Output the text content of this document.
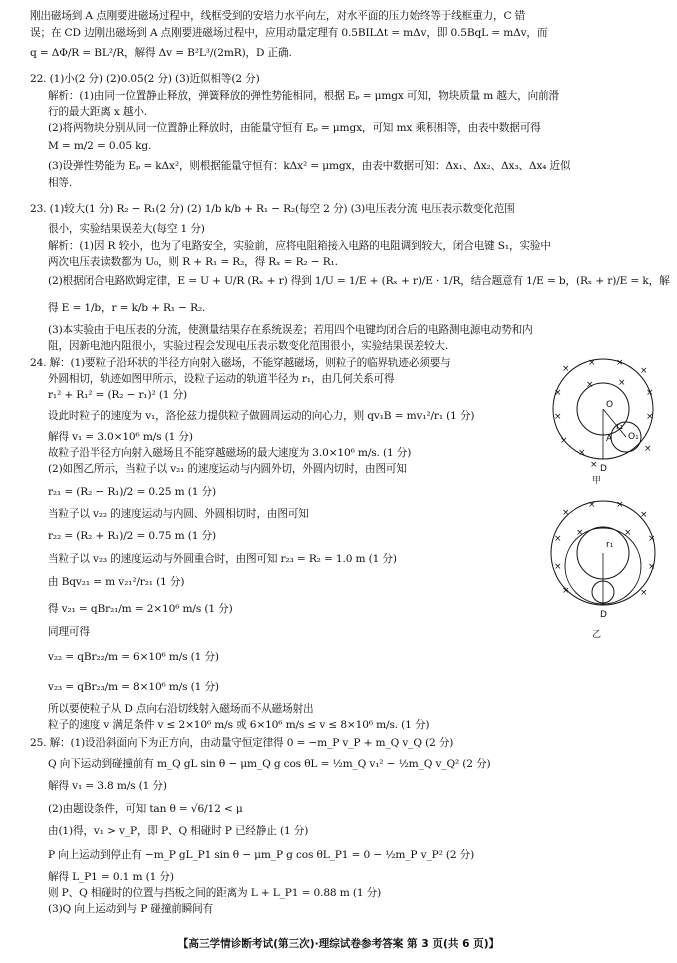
刚出磁场到 A 点刚要进磁场过程中，线框受到的安培力水平向左，对水平面的压力始终等于线框重力，C 错
误；在 CD 边刚出磁场到 A 点刚要进磁场过程中，应用动量定理有 0.5BILΔt = mΔv，即 0.5BqL = mΔv，而
q = ΔΦ/R = BL²/R，解得 Δv = B²L³/(2mR)，D 正确.
22. (1)小(2 分) (2)0.05(2 分) (3)近似相等(2 分)
解析：(1)由同一位置静止释放，弹簧释放的弹性势能相同，根据 Eₚ = μmgx 可知，物块质量 m 越大，向前滑
行的最大距离 x 越小.
(2)将两物块分别从同一位置静止释放时，由能量守恒有 Eₚ = μmgx，可知 mx 乘积相等，由表中数据可得
M = m/2 = 0.05 kg.
(3)设弹性势能为 Eₚ = kΔx²，则根据能量守恒有：kΔx² = μmgx，由表中数据可知：Δx₁、Δx₂、Δx₃、Δx₄ 近似
相等.
23. (1)较大(1 分) R₂ − R₁(2 分) (2) 1/b k/b + R₁ − R₂(每空 2 分) (3)电压表分流 电压表示数变化范围
很小，实验结果误差大(每空 1 分)
解析：(1)因 R 较小，也为了电路安全，实验前，应将电阻箱接入电路的电阻调到较大，闭合电键 S₁，实验中
两次电压表读数都为 U₀，则 R + R₁ = R₂，得 Rₓ = R₂ − R₁.
(2)根据闭合电路欧姆定律，E = U + U/R (Rₓ + r) 得到 1/U = 1/E + (Rₓ + r)/E · 1/R，结合题意有 1/E = b，(Rₓ + r)/E = k，解
得 E = 1/b，r = k/b + R₁ − R₂.
(3)本实验由于电压表的分流，使测量结果存在系统误差；若用四个电键均闭合后的电路测电源电动势和内
阻，因新电池内阻很小，实验过程会发现电压表示数变化范围很小，实验结果误差较大.
24. 解：(1)要粒子沿环状的半径方向射入磁场，不能穿越磁场，则粒子的临界轨迹必须要与
外圆相切，轨迹如图甲所示，设粒子运动的轨道半径为 r₁，由几何关系可得
r₁² + R₁² = (R₂ − r₁)² (1 分)
设此时粒子的速度为 v₁，洛伦兹力提供粒子做圆周运动的向心力，则 qv₁B = mv₁²/r₁ (1 分)
解得 v₁ = 3.0×10⁶ m/s (1 分)
故粒子沿半径方向射入磁场且不能穿越磁场的最大速度为 3.0×10⁶ m/s. (1 分)
(2)如图乙所示，当粒子以 v₂₁ 的速度运动与内圆外切，外圆内切时，由图可知
r₂₁ = (R₂ − R₁)/2 = 0.25 m (1 分)
当粒子以 v₂₂ 的速度运动与内圆、外圆相切时，由图可知
r₂₂ = (R₂ + R₁)/2 = 0.75 m (1 分)
当粒子以 v₂₃ 的速度运动与外圆重合时，由图可知 r₂₃ = R₂ = 1.0 m (1 分)
由 Bqv₂₁ = m v₂₁²/r₂₁ (1 分)
得 v₂₁ = qBr₂₁/m = 2×10⁶ m/s (1 分)
同理可得
v₂₂ = qBr₂₂/m = 6×10⁶ m/s (1 分)
v₂₃ = qBr₂₃/m = 8×10⁶ m/s (1 分)
所以要使粒子从 D 点向右沿切线射入磁场而不从磁场射出
粒子的速度 v 满足条件 v ≤ 2×10⁶ m/s 或 6×10⁶ m/s ≤ v ≤ 8×10⁶ m/s. (1 分)
25. 解：(1)设沿斜面向下为正方向，由动量守恒定律得 0 = −m_P v_P + m_Q v_Q (2 分)
Q 向下运动到碰撞前有 m_Q gL sin θ − μm_Q g cos θL = ½m_Q v₁² − ½m_Q v_Q² (2 分)
解得 v₁ = 3.8 m/s (1 分)
(2)由题设条件，可知 tan θ = √6/12 < μ
由(1)得，v₁ > v_P，即 P、Q 相碰时 P 已经静止 (1 分)
P 向上运动到停止有 −m_P gL_P1 sin θ − μm_P g cos θL_P1 = 0 − ½m_P v_P² (2 分)
解得 L_P1 = 0.1 m (1 分)
则 P、Q 相碰时的位置与挡板之间的距离为 L + L_P1 = 0.88 m (1 分)
(3)Q 向上运动到与 P 碰撞前瞬间有
×
× ×
×
×	×
×	×
×
×
×
×
×
×
O
A O₁
r₁
D
甲
×
× ×
×
×	×
×	×
×	×
×	×
r₁
D
乙
【高三学情诊断考试(第三次)·理综试卷参考答案 第 3 页(共 6 页)】
